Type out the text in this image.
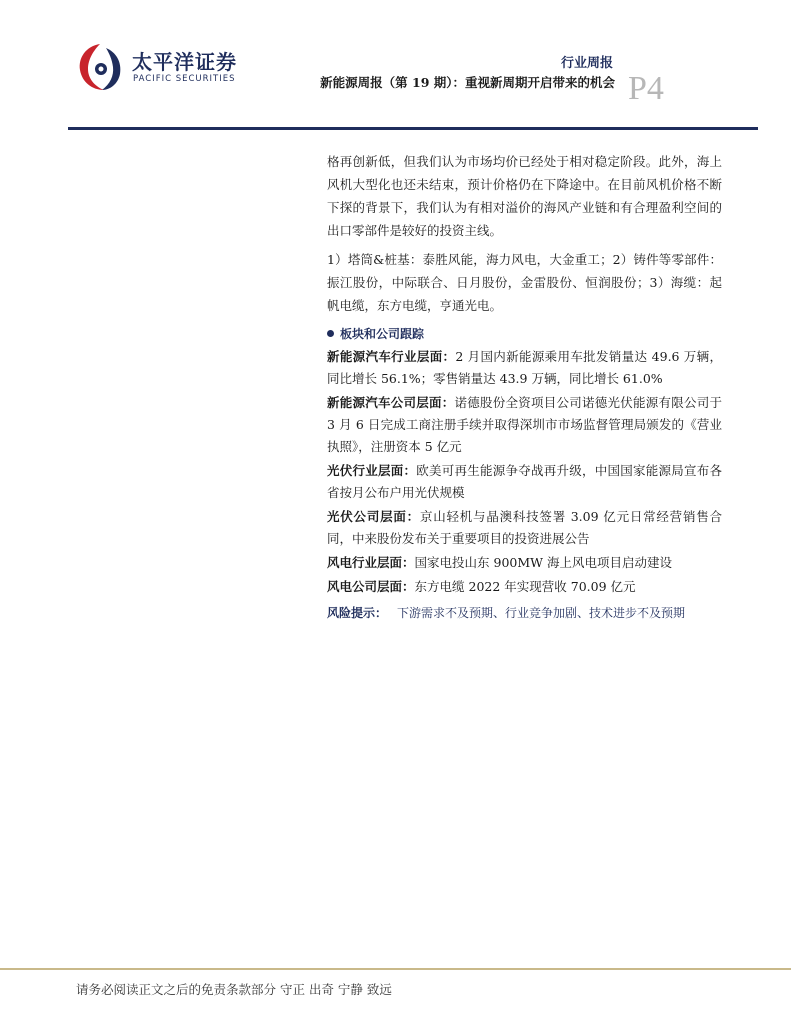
太平洋证券
PACIFIC SECURITIES
行业周报
新能源周报（第 19 期）：重视新周期开启带来的机会 P4

格再创新低，但我们认为市场均价已经处于相对稳定阶段。此外，海上风机大型化也还未结束，预计价格仍在下降途中。在目前风机价格不断下探的背景下，我们认为有相对溢价的海风产业链和有合理盈利空间的出口零部件是较好的投资主线。

1）塔筒&桩基：泰胜风能，海力风电，大金重工；2）铸件等零部件：振江股份，中际联合、日月股份，金雷股份、恒润股份；3）海缆：起帆电缆，东方电缆，亨通光电。

板块和公司跟踪

新能源汽车行业层面：2 月国内新能源乘用车批发销量达 49.6 万辆，同比增长 56.1%；零售销量达 43.9 万辆，同比增长 61.0%

新能源汽车公司层面：诺德股份全资项目公司诺德光伏能源有限公司于 3 月 6 日完成工商注册手续并取得深圳市市场监督管理局颁发的《营业执照》，注册资本 5 亿元

光伏行业层面：欧美可再生能源争夺战再升级，中国国家能源局宣布各省按月公布户用光伏规模

光伏公司层面：京山轻机与晶澳科技签署 3.09 亿元日常经营销售合同，中来股份发布关于重要项目的投资进展公告

风电行业层面：国家电投山东 900MW 海上风电项目启动建设

风电公司层面：东方电缆 2022 年实现营收 70.09 亿元

风险提示： 下游需求不及预期、行业竞争加剧、技术进步不及预期
请务必阅读正文之后的免责条款部分 守正 出奇 宁静 致远
